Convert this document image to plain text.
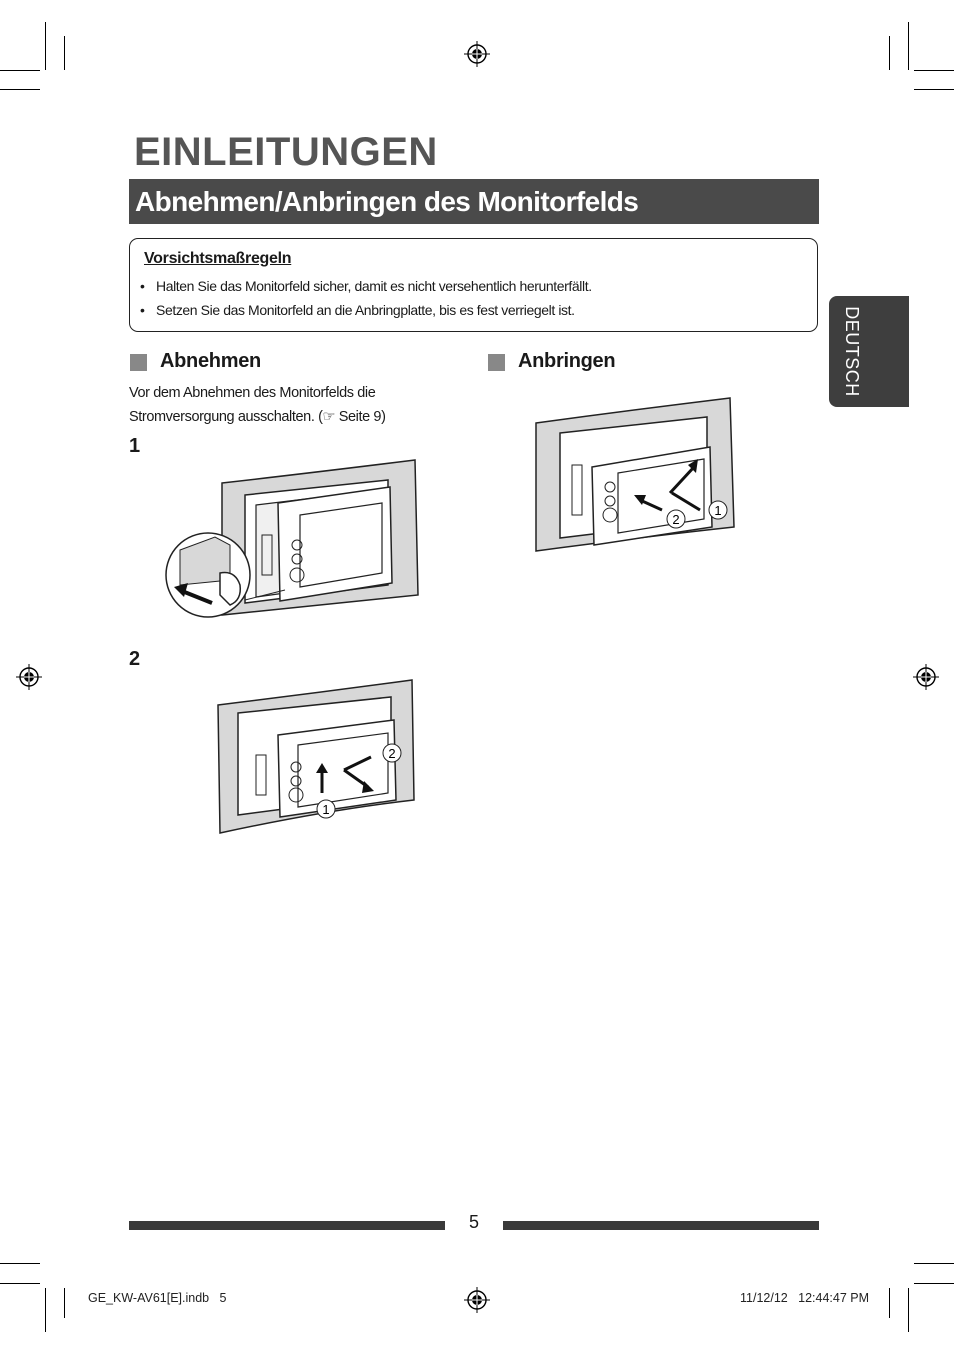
EINLEITUNGEN
Abnehmen/Anbringen des Monitorfelds
Vorsichtsmaßregeln
• Halten Sie das Monitorfeld sicher, damit es nicht versehentlich herunterfällt.
• Setzen Sie das Monitorfeld an die Anbringplatte, bis es fest verriegelt ist.	DEUTSCH
Abnehmen
Vor dem Abnehmen des Monitorfelds die
Stromversorgung ausschalten. (☞ Seite 9)
1
2
Anbringen
2
1
1
2
5
GE_KW-AV61[E].indb   5	11/12/12   12:44:47 PM
